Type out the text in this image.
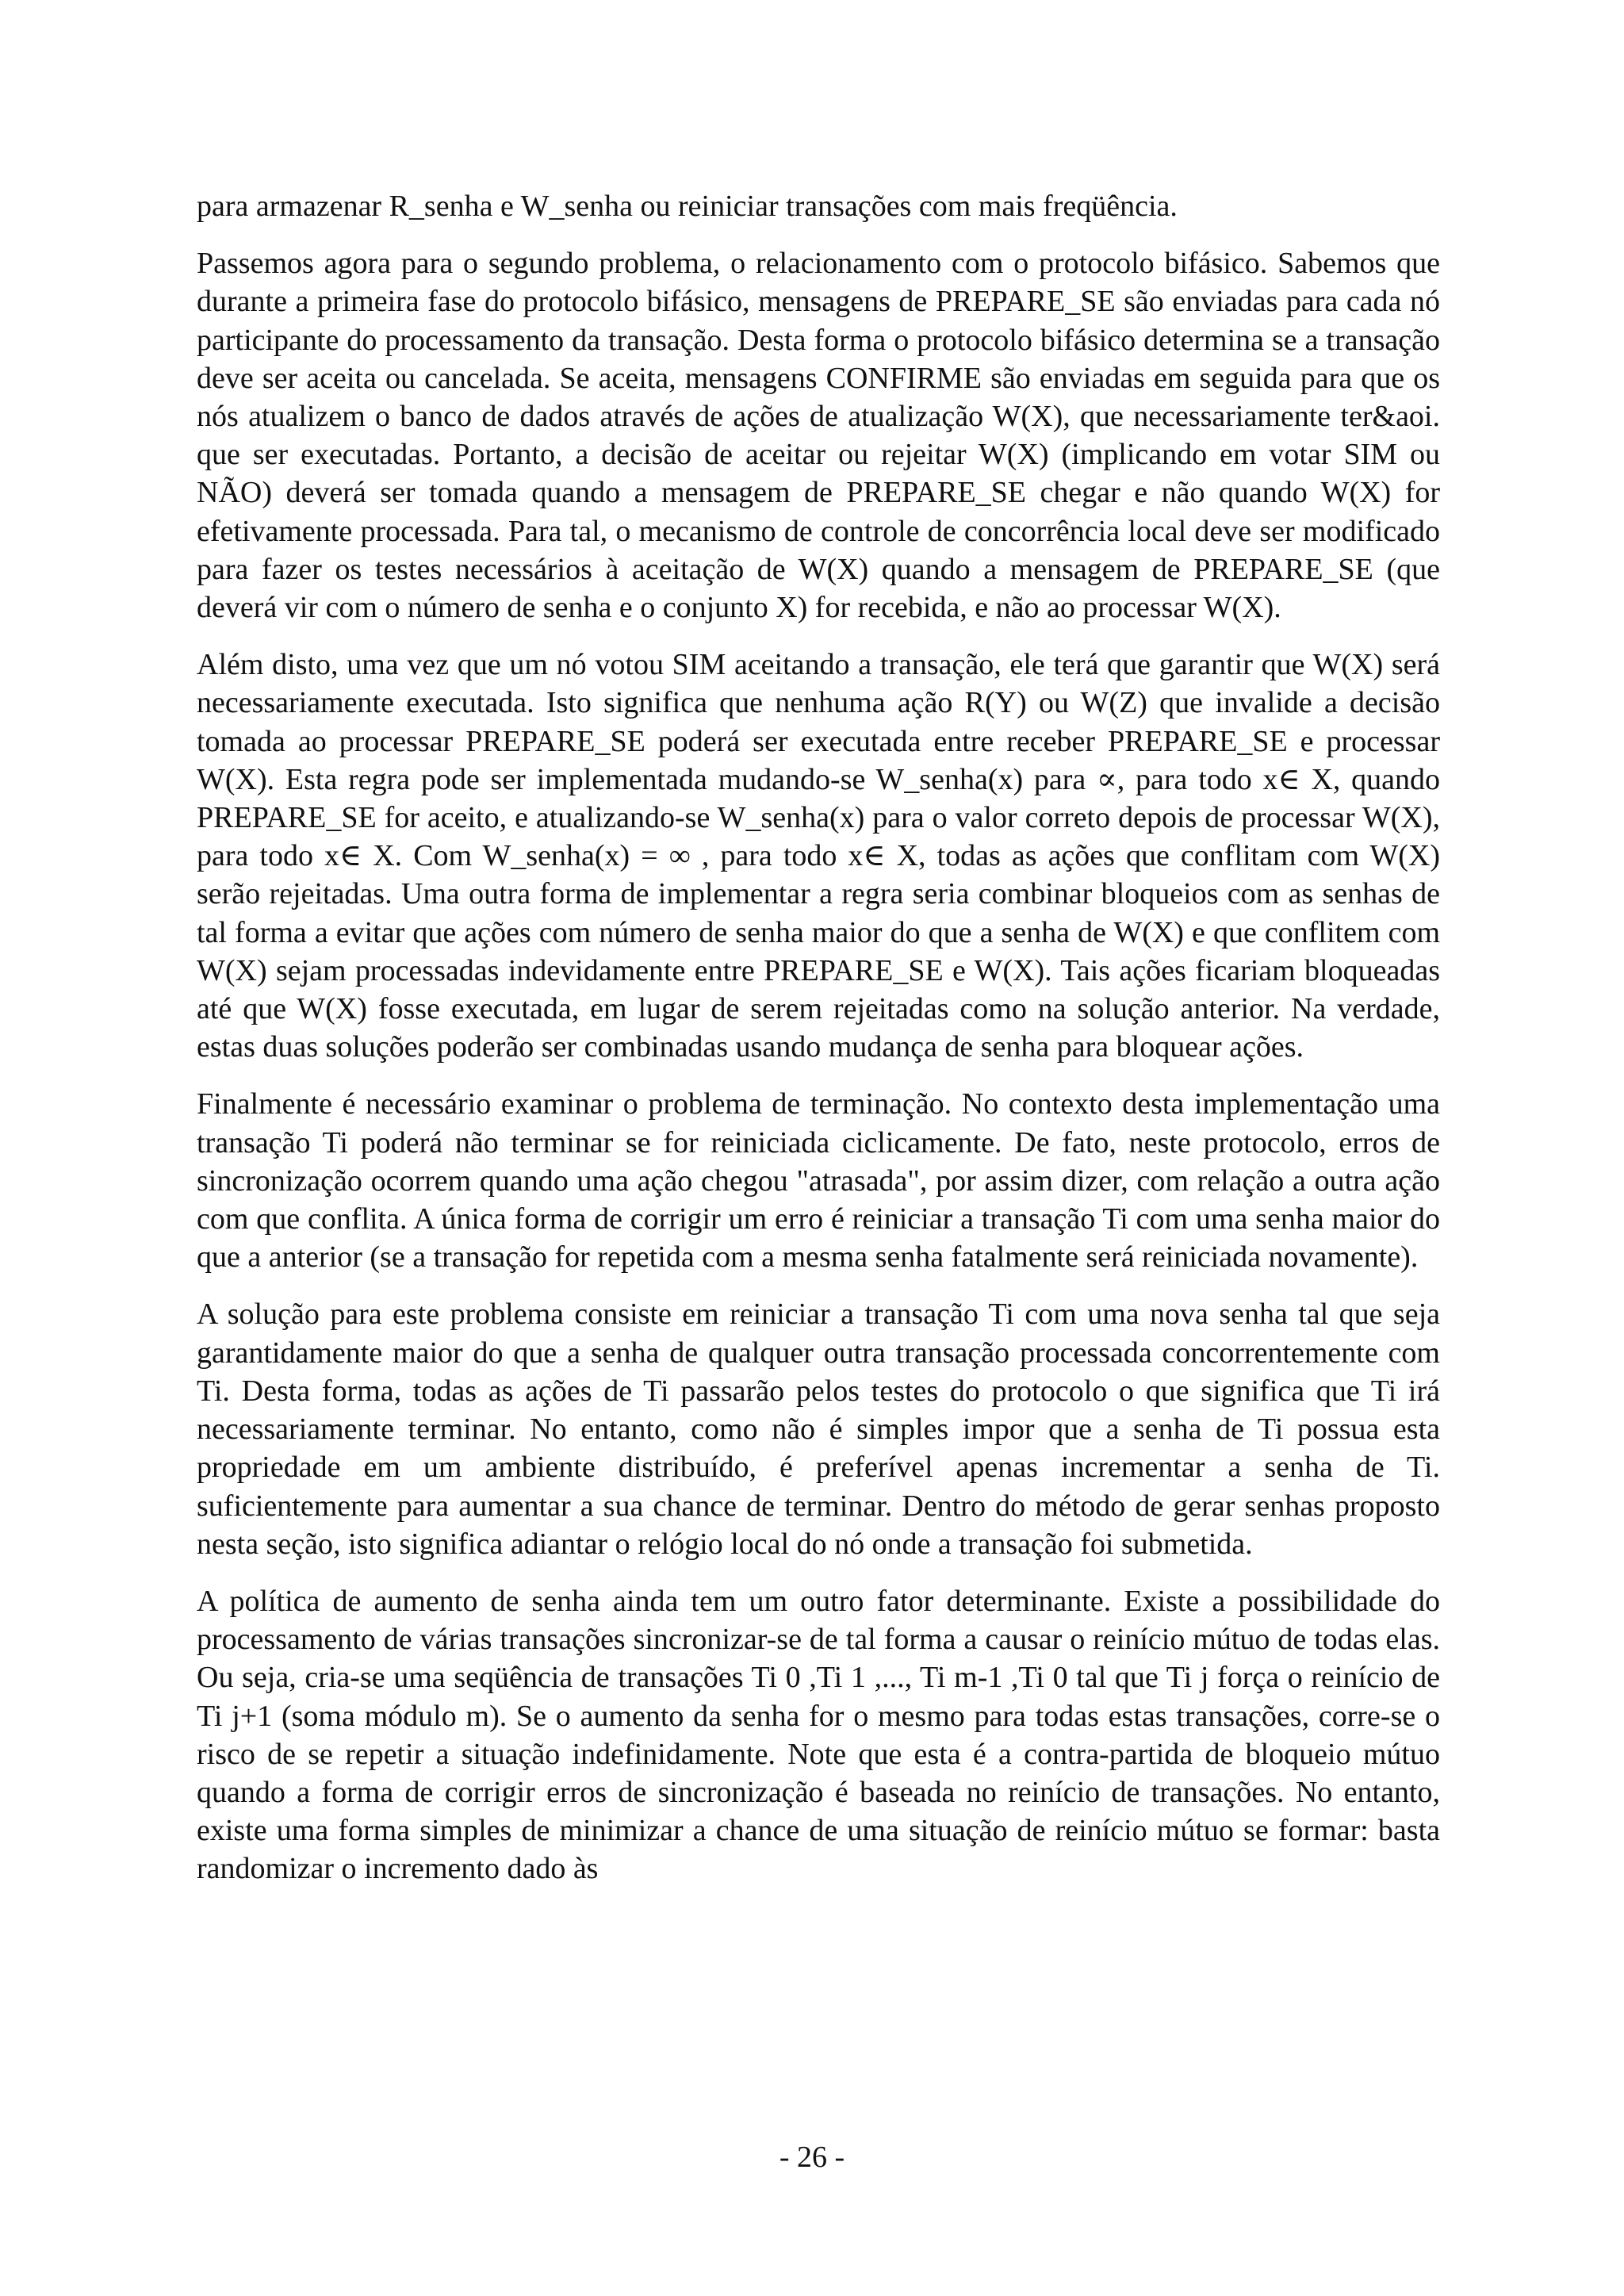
para armazenar R_senha e W_senha ou reiniciar transações com mais freqüência.

Passemos agora para o segundo problema, o relacionamento com o protocolo bifásico. Sabemos que durante a primeira fase do protocolo bifásico, mensagens de PREPARE_SE são enviadas para cada nó participante do processamento da transação. Desta forma o protocolo bifásico determina se a transação deve ser aceita ou cancelada. Se aceita, mensagens CONFIRME são enviadas em seguida para que os nós atualizem o banco de dados através de ações de atualização W(X), que necessariamente ter&aoi. que ser executadas. Portanto, a decisão de aceitar ou rejeitar W(X) (implicando em votar SIM ou NÃO) deverá ser tomada quando a mensagem de PREPARE_SE chegar e não quando W(X) for efetivamente processada. Para tal, o mecanismo de controle de concorrência local deve ser modificado para fazer os testes necessários à aceitação de W(X) quando a mensagem de PREPARE_SE (que deverá vir com o número de senha e o conjunto X) for recebida, e não ao processar W(X).

Além disto, uma vez que um nó votou SIM aceitando a transação, ele terá que garantir que W(X) será necessariamente executada. Isto significa que nenhuma ação R(Y) ou W(Z) que invalide a decisão tomada ao processar PREPARE_SE poderá ser executada entre receber PREPARE_SE e processar W(X). Esta regra pode ser implementada mudando-se W_senha(x) para ∝, para todo x∈ X, quando PREPARE_SE for aceito, e atualizando-se W_senha(x) para o valor correto depois de processar W(X), para todo x∈ X. Com W_senha(x) = ∞ , para todo x∈ X, todas as ações que conflitam com W(X) serão rejeitadas. Uma outra forma de implementar a regra seria combinar bloqueios com as senhas de tal forma a evitar que ações com número de senha maior do que a senha de W(X) e que conflitem com W(X) sejam processadas indevidamente entre PREPARE_SE e W(X). Tais ações ficariam bloqueadas até que W(X) fosse executada, em lugar de serem rejeitadas como na solução anterior. Na verdade, estas duas soluções poderão ser combinadas usando mudança de senha para bloquear ações.

Finalmente é necessário examinar o problema de terminação. No contexto desta implementação uma transação Ti poderá não terminar se for reiniciada ciclicamente. De fato, neste protocolo, erros de sincronização ocorrem quando uma ação chegou "atrasada", por assim dizer, com relação a outra ação com que conflita. A única forma de corrigir um erro é reiniciar a transação Ti com uma senha maior do que a anterior (se a transação for repetida com a mesma senha fatalmente será reiniciada novamente).

A solução para este problema consiste em reiniciar a transação Ti com uma nova senha tal que seja garantidamente maior do que a senha de qualquer outra transação processada concorrentemente com Ti. Desta forma, todas as ações de Ti passarão pelos testes do protocolo o que significa que Ti irá necessariamente terminar. No entanto, como não é simples impor que a senha de Ti possua esta propriedade em um ambiente distribuído, é preferível apenas incrementar a senha de Ti. suficientemente para aumentar a sua chance de terminar. Dentro do método de gerar senhas proposto nesta seção, isto significa adiantar o relógio local do nó onde a transação foi submetida.

A política de aumento de senha ainda tem um outro fator determinante. Existe a possibilidade do processamento de várias transações sincronizar-se de tal forma a causar o reinício mútuo de todas elas. Ou seja, cria-se uma seqüência de transações Ti 0 ,Ti 1 ,..., Ti m-1 ,Ti 0 tal que Ti j força o reinício de Ti j+1 (soma módulo m). Se o aumento da senha for o mesmo para todas estas transações, corre-se o risco de se repetir a situação indefinidamente. Note que esta é a contra-partida de bloqueio mútuo quando a forma de corrigir erros de sincronização é baseada no reinício de transações. No entanto, existe uma forma simples de minimizar a chance de uma situação de reinício mútuo se formar: basta randomizar o incremento dado às

- 26 -
